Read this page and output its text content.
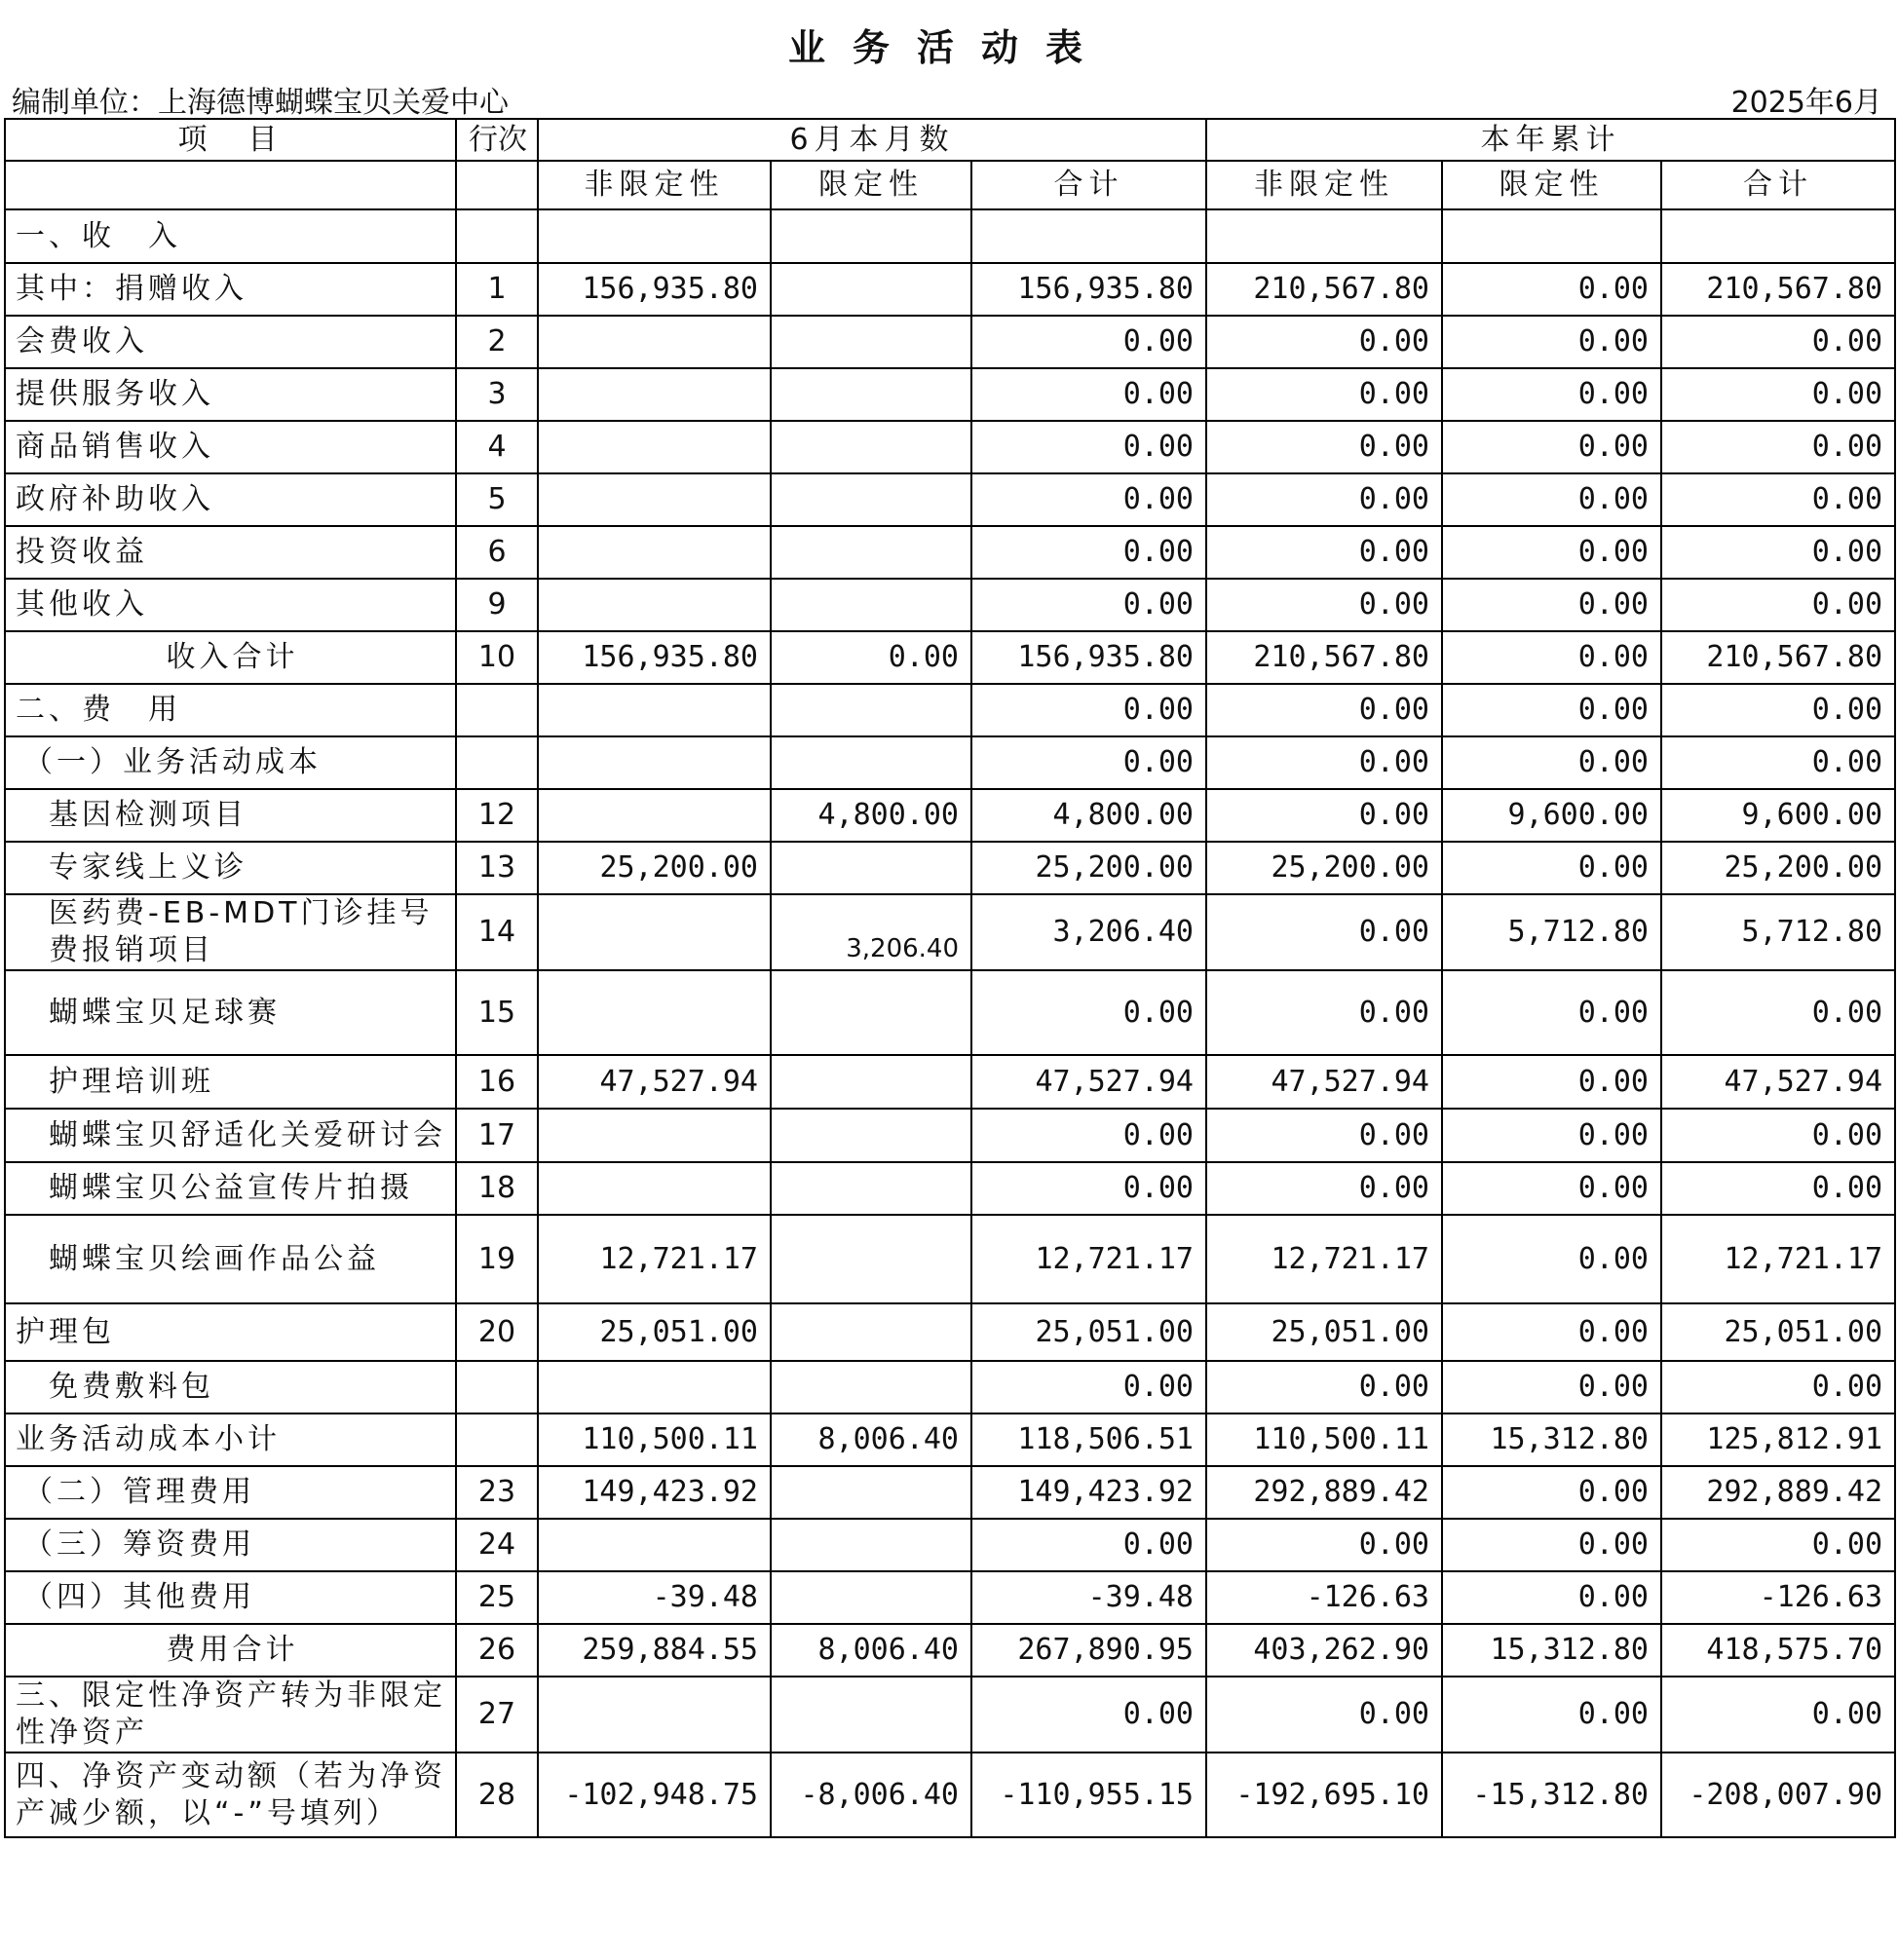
业务活动表
编制单位：上海德博蝴蝶宝贝关爱中心	2025年6月
项　目	行次	6月本月数			本年累计		
		非限定性	限定性	合计	非限定性	限定性	合计
一、收　入							
其中：捐赠收入	1	156,935.80		156,935.80	210,567.80	0.00	210,567.80
会费收入	2			0.00	0.00	0.00	0.00
提供服务收入	3			0.00	0.00	0.00	0.00
商品销售收入	4			0.00	0.00	0.00	0.00
政府补助收入	5			0.00	0.00	0.00	0.00
投资收益	6			0.00	0.00	0.00	0.00
其他收入	9			0.00	0.00	0.00	0.00
收入合计	10	156,935.80	0.00	156,935.80	210,567.80	0.00	210,567.80
二、费　用				0.00	0.00	0.00	0.00
（一）业务活动成本				0.00	0.00	0.00	0.00
基因检测项目	12		4,800.00	4,800.00	0.00	9,600.00	9,600.00
专家线上义诊	13	25,200.00		25,200.00	25,200.00	0.00	25,200.00
医药费-EB-MDT门诊挂号费报销项目	14		3,206.40	3,206.40	0.00	5,712.80	5,712.80
蝴蝶宝贝足球赛	15			0.00	0.00	0.00	0.00
护理培训班	16	47,527.94		47,527.94	47,527.94	0.00	47,527.94
蝴蝶宝贝舒适化关爱研讨会	17			0.00	0.00	0.00	0.00
蝴蝶宝贝公益宣传片拍摄	18			0.00	0.00	0.00	0.00
蝴蝶宝贝绘画作品公益	19	12,721.17		12,721.17	12,721.17	0.00	12,721.17
护理包	20	25,051.00		25,051.00	25,051.00	0.00	25,051.00
免费敷料包				0.00	0.00	0.00	0.00
业务活动成本小计		110,500.11	8,006.40	118,506.51	110,500.11	15,312.80	125,812.91
（二）管理费用	23	149,423.92		149,423.92	292,889.42	0.00	292,889.42
（三）筹资费用	24			0.00	0.00	0.00	0.00
（四）其他费用	25	-39.48		-39.48	-126.63	0.00	-126.63
费用合计	26	259,884.55	8,006.40	267,890.95	403,262.90	15,312.80	418,575.70
三、限定性净资产转为非限定性净资产	27			0.00	0.00	0.00	0.00
四、净资产变动额（若为净资产减少额，以“-”号填列）	28	-102,948.75	-8,006.40	-110,955.15	-192,695.10	-15,312.80	-208,007.90
